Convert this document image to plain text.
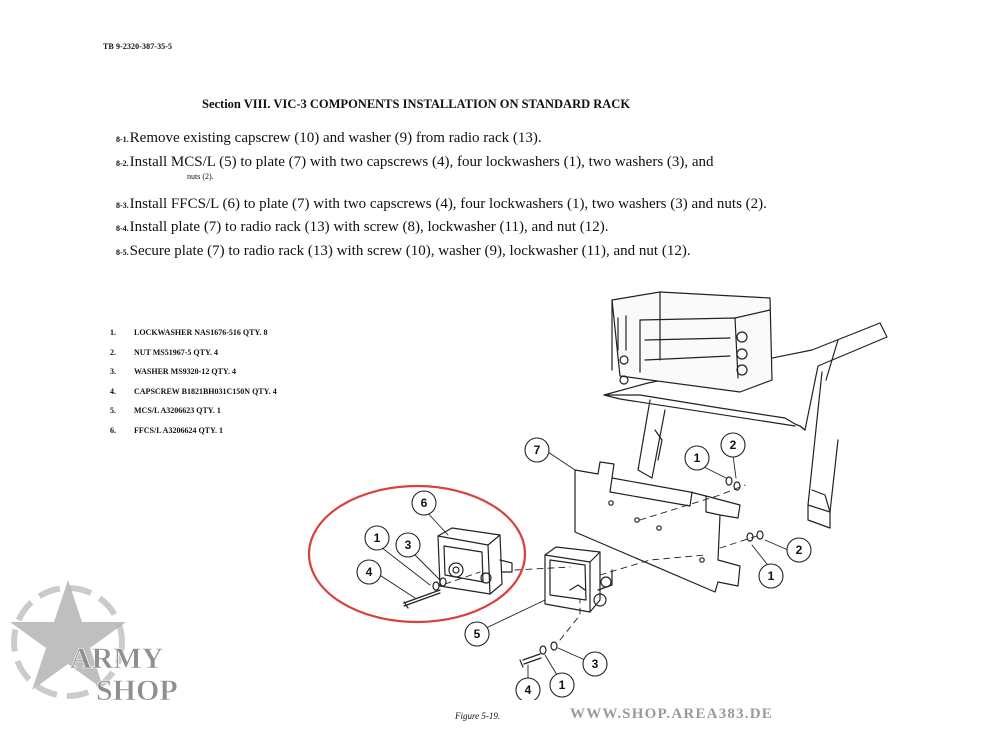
TB 9-2320-387-35-5
Section VIII. VIC-3 COMPONENTS INSTALLATION ON STANDARD RACK
8-1.Remove existing capscrew (10) and washer (9) from radio rack (13).
8-2.Install MCS/L (5) to plate (7) with two capscrews (4), four lockwashers (1), two washers (3), and
nuts (2).
8-3.Install FFCS/L (6) to plate (7) with two capscrews (4), four lockwashers (1), two washers (3) and nuts (2).
8-4.Install plate (7) to radio rack (13) with screw (8), lockwasher (11), and nut (12).
8-5.Secure plate (7) to radio rack (13) with screw (10), washer (9), lockwasher (11), and nut (12).
1. LOCKWASHER NAS1676-516 QTY. 8
2. NUT MS51967-5 QTY. 4
3. WASHER MS9320-12 QTY. 4
4. CAPSCREW B1821BH031C150N QTY. 4
5. MCS/L A3206623 QTY. 1
6. FFCS/L A3206624 QTY. 1
7	2
1
6
1 3	2
4	1
5
3
4 1
Figure 5-19.
ARMY
SHOP
WWW.SHOP.AREA383.DE
